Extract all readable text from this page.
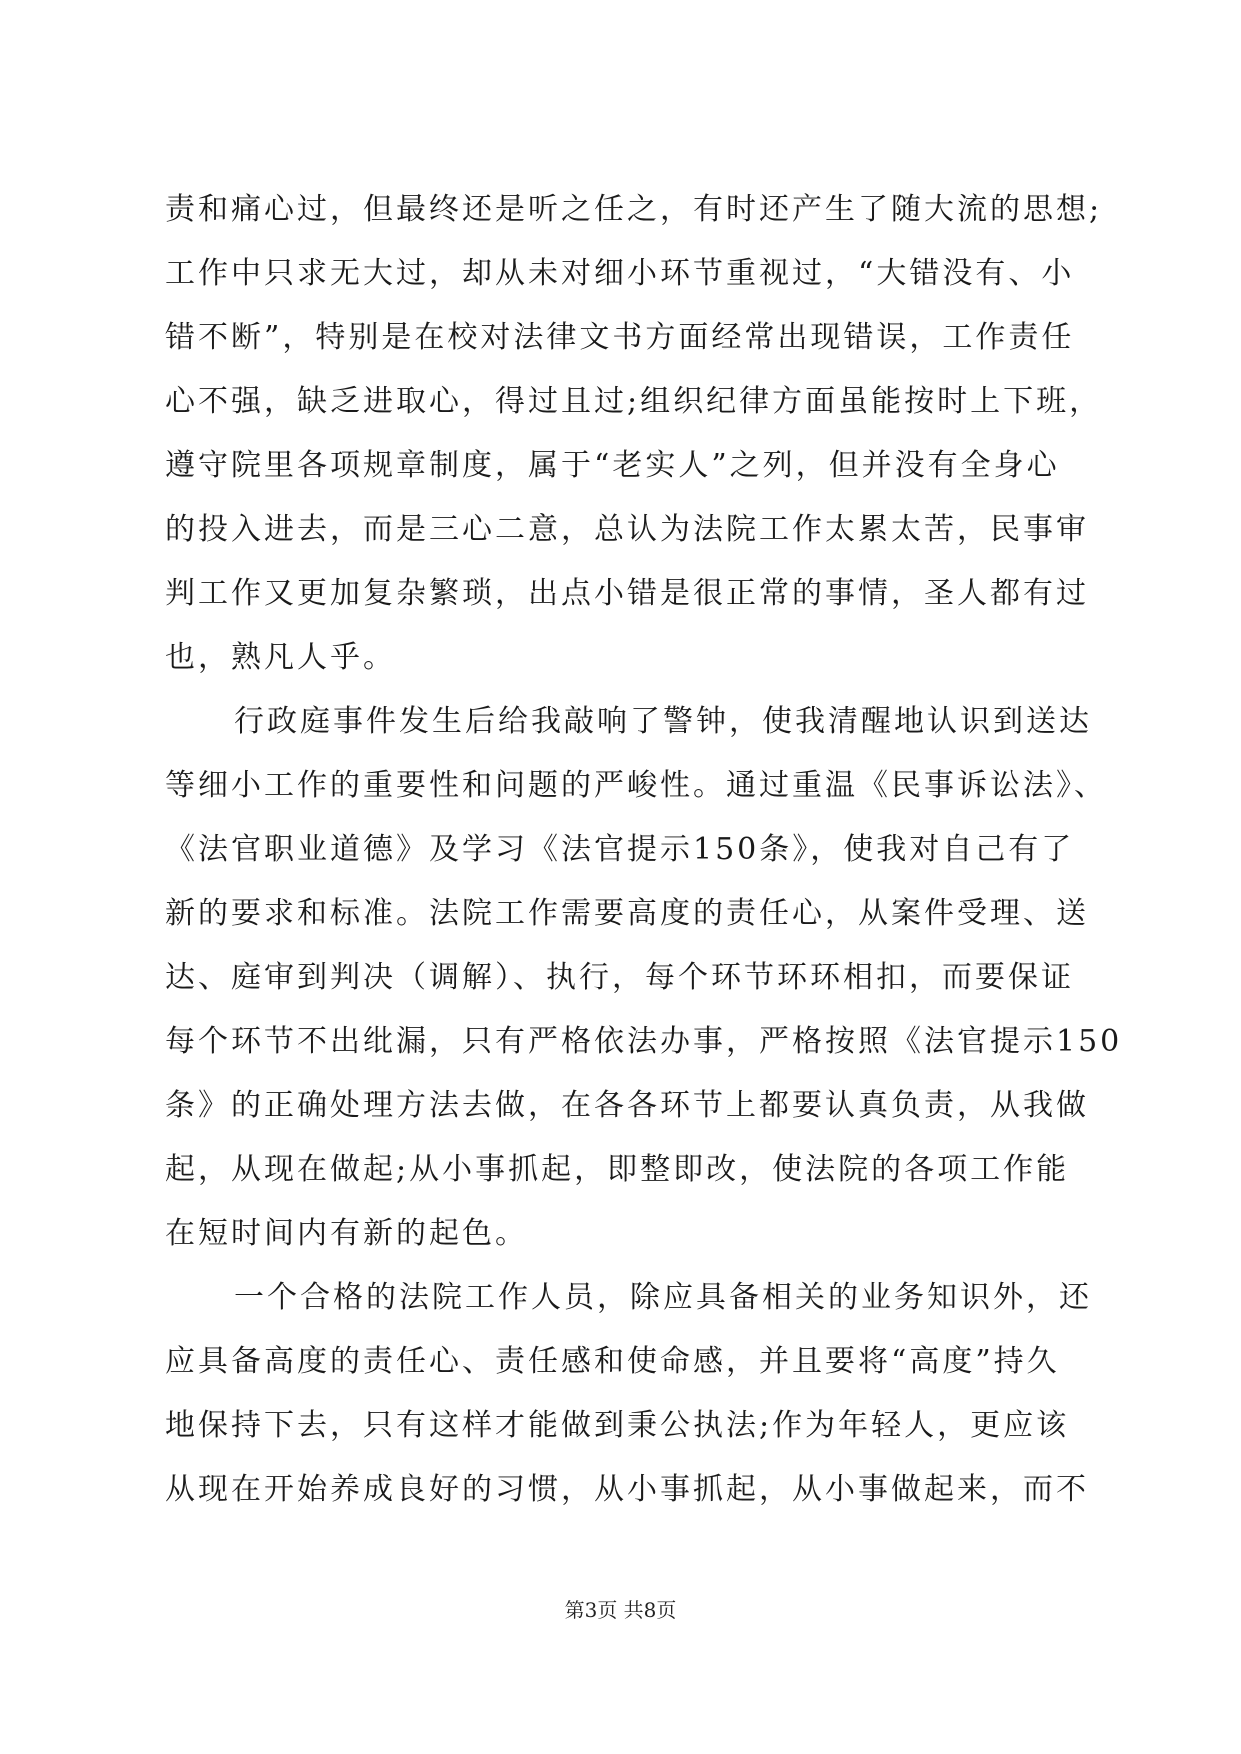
责和痛心过，但最终还是听之任之，有时还产生了随大流的思想;
工作中只求无大过，却从未对细小环节重视过，“大错没有、小
错不断”，特别是在校对法律文书方面经常出现错误，工作责任
心不强，缺乏进取心，得过且过;组织纪律方面虽能按时上下班，
遵守院里各项规章制度，属于“老实人”之列，但并没有全身心
的投入进去，而是三心二意，总认为法院工作太累太苦，民事审
判工作又更加复杂繁琐，出点小错是很正常的事情，圣人都有过
也，熟凡人乎。
行政庭事件发生后给我敲响了警钟，使我清醒地认识到送达
等细小工作的重要性和问题的严峻性。通过重温《民事诉讼法》、
《法官职业道德》及学习《法官提示150条》，使我对自己有了
新的要求和标准。法院工作需要高度的责任心，从案件受理、送
达、庭审到判决（调解）、执行，每个环节环环相扣，而要保证
每个环节不出纰漏，只有严格依法办事，严格按照《法官提示150
条》的正确处理方法去做，在各各环节上都要认真负责，从我做
起，从现在做起;从小事抓起，即整即改，使法院的各项工作能
在短时间内有新的起色。
一个合格的法院工作人员，除应具备相关的业务知识外，还
应具备高度的责任心、责任感和使命感，并且要将“高度”持久
地保持下去，只有这样才能做到秉公执法;作为年轻人，更应该
从现在开始养成良好的习惯，从小事抓起，从小事做起来，而不
第3页 共8页
